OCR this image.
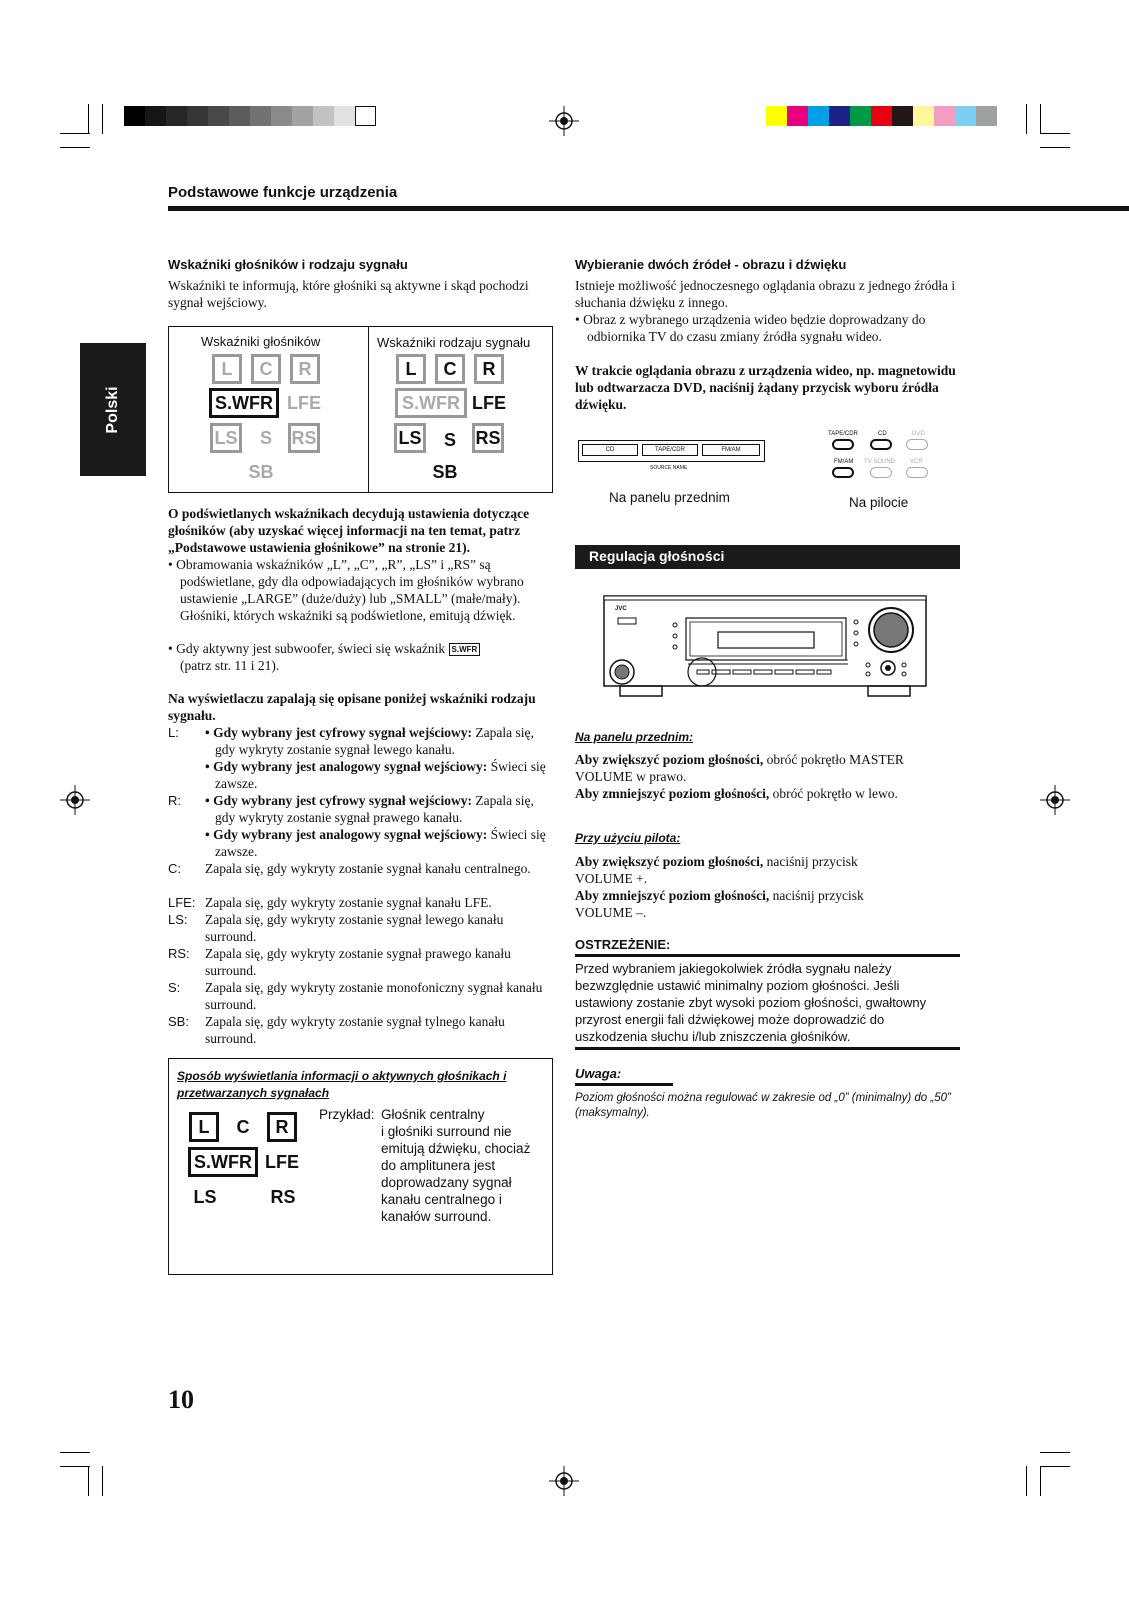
Podstawowe funkcje urządzenia
Polski
Wskaźniki głośników i rodzaju sygnału
Wskaźniki te informują, które głośniki są aktywne i skąd pochodzi sygnał wejściowy.
Wskaźniki głośników	Wskaźniki rodzaju sygnału
L	C	R
S.WFR LFE
LS	S	RS
SB
L	C	R
S.WFR LFE
LS	S	RS
SB
O podświetlanych wskaźnikach decydują ustawienia dotyczące głośników (aby uzyskać więcej informacji na ten temat, patrz „Podstawowe ustawienia głośnikowe” na stronie 21).
• Obramowania wskaźników „L”, „C”, „R”, „LS” i „RS” są podświetlane, gdy dla odpowiadających im głośników wybrano ustawienie „LARGE” (duże/duży) lub „SMALL” (małe/mały). Głośniki, których wskaźniki są podświetlone, emitują dźwięk.
• Gdy aktywny jest subwoofer, świeci się wskaźnik S.WFR
(patrz str. 11 i 21).
Na wyświetlaczu zapalają się opisane poniżej wskaźniki rodzaju sygnału.
L: • Gdy wybrany jest cyfrowy sygnał wejściowy: Zapala się, gdy wykryty zostanie sygnał lewego kanału.
• Gdy wybrany jest analogowy sygnał wejściowy: Świeci się zawsze.
R: • Gdy wybrany jest cyfrowy sygnał wejściowy: Zapala się, gdy wykryty zostanie sygnał prawego kanału.
• Gdy wybrany jest analogowy sygnał wejściowy: Świeci się zawsze.
C: Zapala się, gdy wykryty zostanie sygnał kanału centralnego.
LFE: Zapala się, gdy wykryty zostanie sygnał kanału LFE.
LS: Zapala się, gdy wykryty zostanie sygnał lewego kanału surround.
RS: Zapala się, gdy wykryty zostanie sygnał prawego kanału surround.
S: Zapala się, gdy wykryty zostanie monofoniczny sygnał kanału surround.
SB: Zapala się, gdy wykryty zostanie sygnał tylnego kanału surround.
Sposób wyświetlania informacji o aktywnych głośnikach i przetwarzanych sygnałach
L	C	R
S.WFR LFE
LS	RS
Przykład: Głośnik centralny
i głośniki surround nie emitują dźwięku, chociaż do amplitunera jest doprowadzany sygnał kanału centralnego i kanałów surround.
10
Wybieranie dwóch źródeł - obrazu i dźwięku
Istnieje możliwość jednoczesnego oglądania obrazu z jednego źródła i słuchania dźwięku z innego.
• Obraz z wybranego urządzenia wideo będzie doprowadzany do odbiornika TV do czasu zmiany źródła sygnału wideo.
W trakcie oglądania obrazu z urządzenia wideo, np. magnetowidu lub odtwarzacza DVD, naciśnij żądany przycisk wyboru źródła dźwięku.
CD	TAPE/CDR	FM/AM
SOURCE NAME
Na panelu przednim
TAPE/CDR	CD	DVD
FM/AM TV SOUND VCR
Na pilocie
Regulacja głośności
JVC
Na panelu przednim:
Aby zwiększyć poziom głośności, obróć pokrętło MASTER VOLUME w prawo.
Aby zmniejszyć poziom głośności, obróć pokrętło w lewo.
Przy użyciu pilota:
Aby zwiększyć poziom głośności, naciśnij przycisk VOLUME +.
Aby zmniejszyć poziom głośności, naciśnij przycisk VOLUME –.
OSTRZEŻENIE:
Przed wybraniem jakiegokolwiek źródła sygnału należy bezwzględnie ustawić minimalny poziom głośności. Jeśli ustawiony zostanie zbyt wysoki poziom głośności, gwałtowny przyrost energii fali dźwiękowej może doprowadzić do uszkodzenia słuchu i/lub zniszczenia głośników.
Uwaga:
Poziom głośności można regulować w zakresie od „0” (minimalny) do „50” (maksymalny).
